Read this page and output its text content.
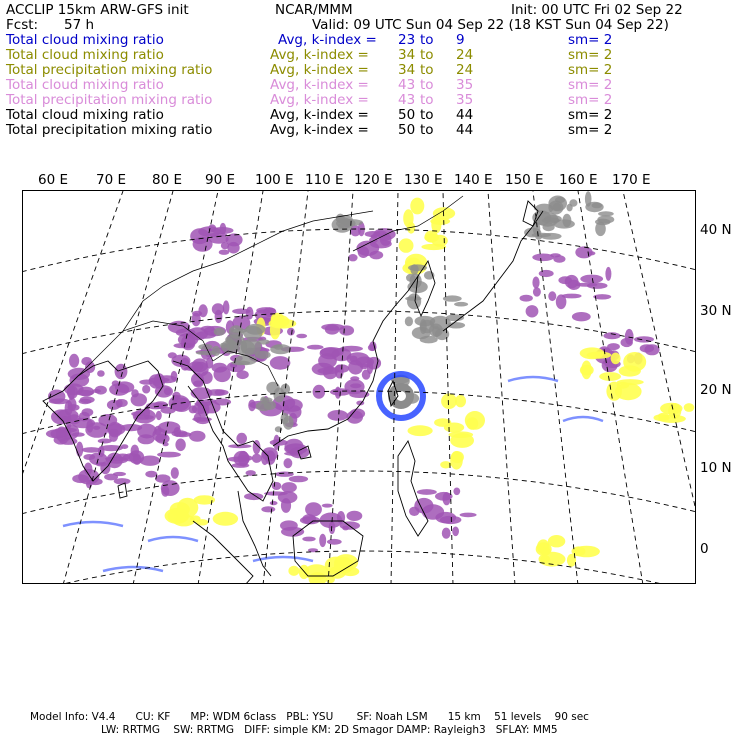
ACCLIP 15km ARW-GFS init	NCAR/MMM	Init: 00 UTC Fri 02 Sep 22
Fcst: 57 h	Valid: 09 UTC Sun 04 Sep 22 (18 KST Sun 04 Sep 22)
Total cloud mixing ratio	Avg, k-index = 23 to 9	sm= 2
Total cloud mixing ratio	Avg, k-index = 34 to 24	sm= 2
Total precipitation mixing ratio	Avg, k-index = 34 to 24	sm= 2
Total cloud mixing ratio	Avg, k-index = 43 to 35	sm= 2
Total precipitation mixing ratio	Avg, k-index = 43 to 35	sm= 2
Total cloud mixing ratio	Avg, k-index = 50 to 44	sm= 2
Total precipitation mixing ratio	Avg, k-index = 50 to 44	sm= 2
60 E 70 E 80 E 90 E 100 E 110 E 120 E 130 E 140 E 150 E 160 E 170 E
40 N
30 N
20 N
10 N
0
Model Info: V4.4      CU: KF      MP: WDM 6class   PBL: YSU       SF: Noah LSM      15 km    51 levels    90 sec
LW: RRTMG    SW: RRTMG   DIFF: simple KM: 2D Smagor DAMP: Rayleigh3   SFLAY: MM5
